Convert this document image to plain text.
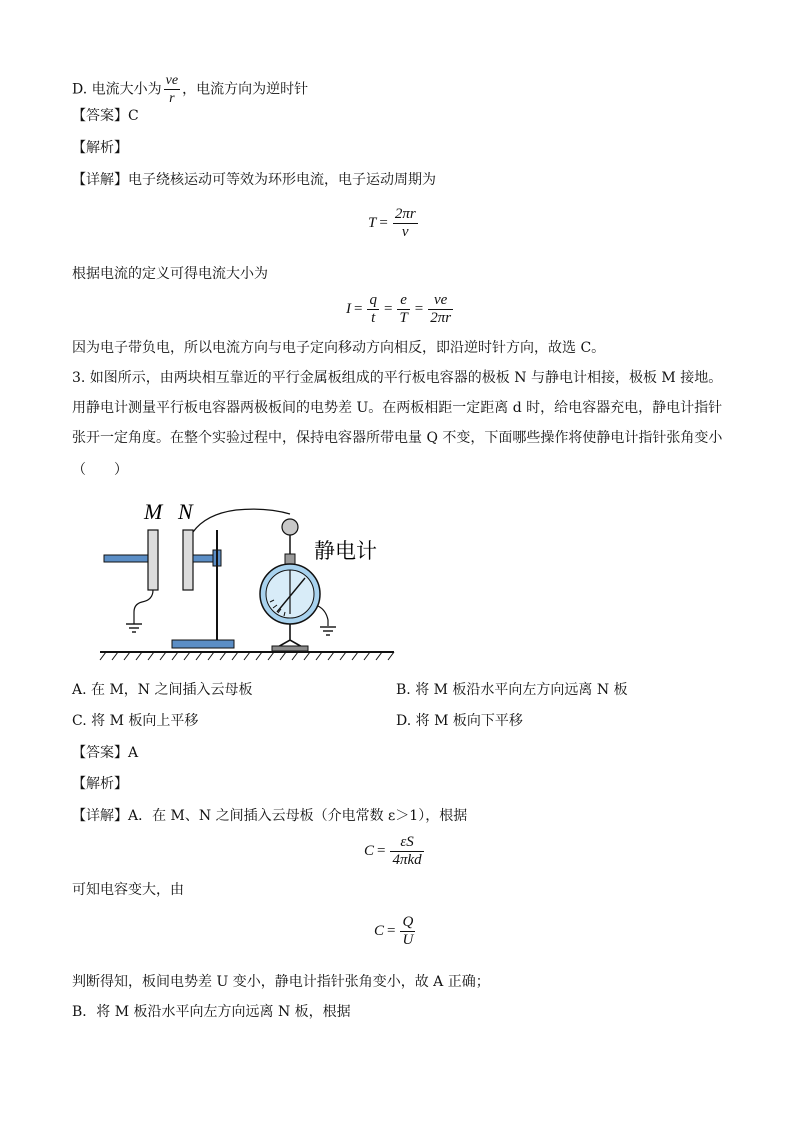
D. 电流大小为 $\frac{ve}{r}$ ，电流方向为逆时针
【答案】C
【解析】
【详解】电子绕核运动可等效为环形电流，电子运动周期为
$T = \frac{2\pi r}{v}$
根据电流的定义可得电流大小为
$I = \frac{q}{t} = \frac{e}{T} = \frac{ve}{2\pi r}$
因为电子带负电，所以电流方向与电子定向移动方向相反，即沿逆时针方向，故选 C。
3. 如图所示，由两块相互靠近的平行金属板组成的平行板电容器的极板 N 与静电计相接，极板 M 接地。
用静电计测量平行板电容器两极板间的电势差 U。在两板相距一定距离 d 时，给电容器充电，静电计指针
张开一定角度。在整个实验过程中，保持电容器所带电量 Q 不变，下面哪些操作将使静电计指针张角变小
（　　）
M N
静电计
A. 在 M，N 之间插入云母板	B. 将 M 板沿水平向左方向远离 N 板
C. 将 M 板向上平移	D. 将 M 板向下平移
【答案】A
【解析】
【详解】A．在 M、N 之间插入云母板（介电常数 ε＞1），根据
$C = \frac{\varepsilon S}{\text{4πkd}}$
可知电容变大，由
$C = \frac{Q}{U}$
判断得知，板间电势差 U 变小，静电计指针张角变小，故 A 正确；
B．将 M 板沿水平向左方向远离 N 板，根据
